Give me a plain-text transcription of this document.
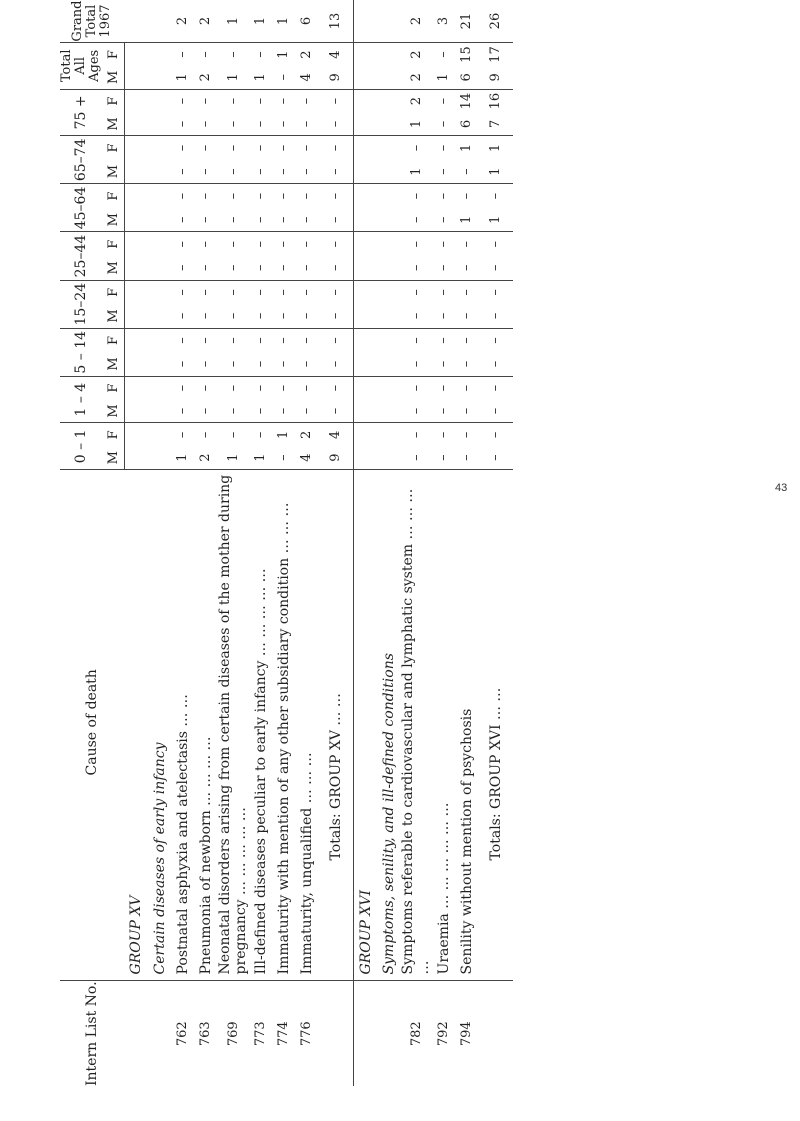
Intern List No.	Cause of death	0 – 1		1 – 4		5 – 14		15–24		25–44		45–64		65–74		75 +		Total All Ages		Grand Total 1967
		M	F	M	F	M	F	M	F	M	F	M	F	M	F	M	F	M	F	
	GROUP XV																			
	Certain diseases of early infancy																			
762	Postnatal asphyxia and atelectasis … …	1	–	–	–	–	–	–	–	–	–	–	–	–	–	–	–	1	–	2
763	Pneumonia of newborn … … … …	2	–	–	–	–	–	–	–	–	–	–	–	–	–	–	–	2	–	2
769	Neonatal disorders arising from certain diseases of the mother during pregnancy … … … … …	1	–	–	–	–	–	–	–	–	–	–	–	–	–	–	–	1	–	1
773	Ill-defined diseases peculiar to early infancy … … … … …	1	–	–	–	–	–	–	–	–	–	–	–	–	–	–	–	1	–	1
774	Immaturity with mention of any other subsidiary condition … … …	–	1	–	–	–	–	–	–	–	–	–	–	–	–	–	–	–	1	1
776	Immaturity, unqualified … … …	4	2	–	–	–	–	–	–	–	–	–	–	–	–	–	–	4	2	6
	Totals: GROUP XV … …	9	4	–	–	–	–	–	–	–	–	–	–	–	–	–	–	9	4	13
	GROUP XVI																			
	Symptoms, senility, and ill-defined conditions																			
782	Symptoms referable to cardiovascular and lymphatic system … … … …	–	–	–	–	–	–	–	–	–	–	–	–	1	–	1	2	2	2	2
792	Uraemia … … … … … …	–	–	–	–	–	–	–	–	–	–	–	–	–	–	–	–	1	–	3
794	Senility without mention of psychosis	–	–	–	–	–	–	–	–	–	–	1	–	–	1	6	14	6	15	21
	Totals: GROUP XVI … …	–	–	–	–	–	–	–	–	–	–	1	–	1	1	7	16	9	17	26
43
